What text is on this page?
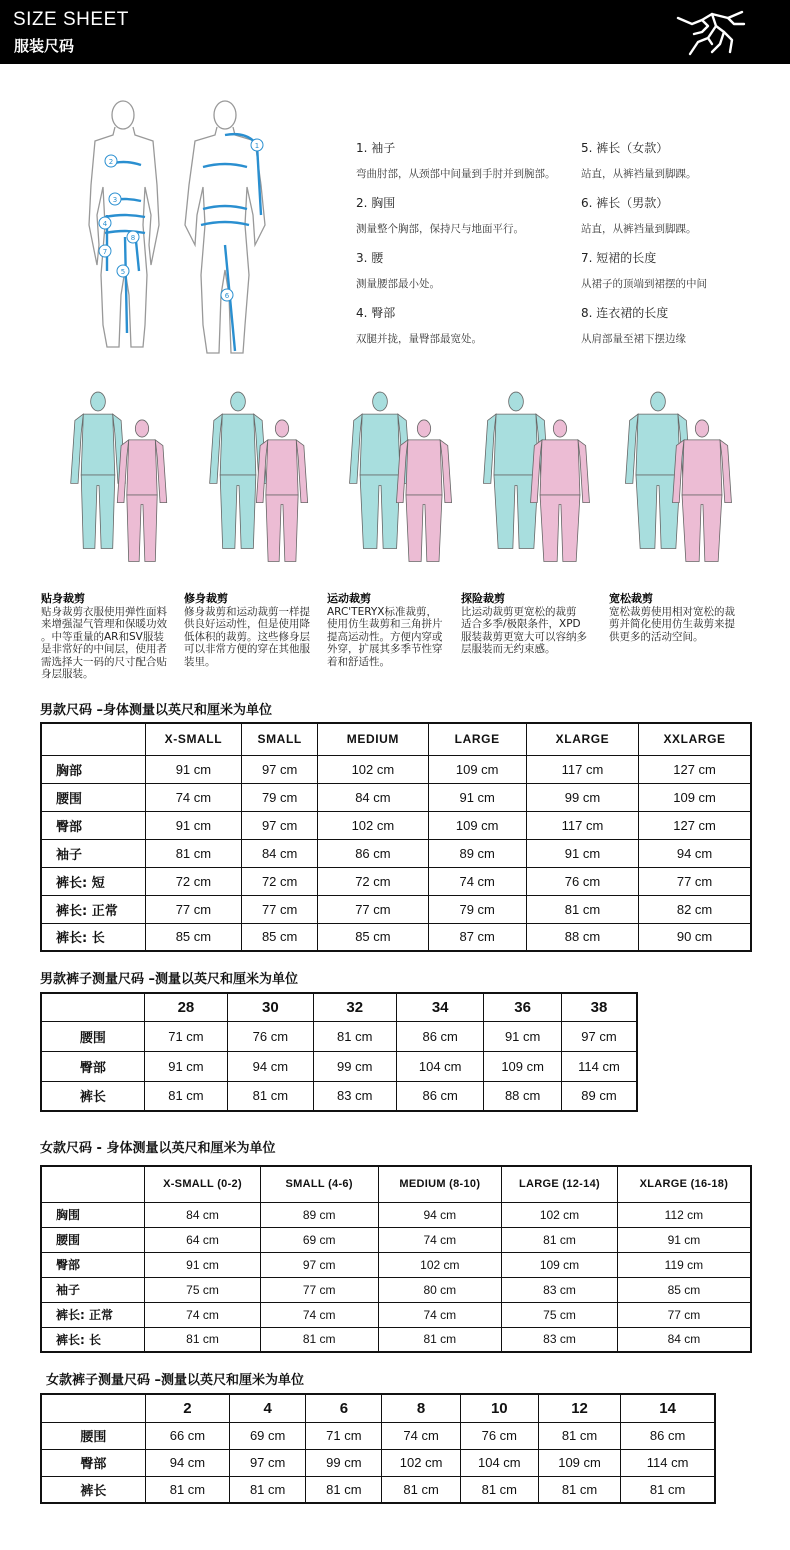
SIZE SHEET
服装尺码
1
2
3
4
5
6
7
8
1. 袖子
弯曲肘部，从颈部中间量到手肘并到腕部。
2. 胸围
测量整个胸部，保持尺与地面平行。
3. 腰
测量腰部最小处。
4. 臀部
双腿并拢，量臀部最宽处。
5. 裤长（女款）
站直，从裤裆量到脚踝。
6. 裤长（男款）
站直，从裤裆量到脚踝。
7. 短裙的长度
从裙子的顶端到裙摆的中间
8. 连衣裙的长度
从肩部量至裙下摆边缘
贴身裁剪
贴身裁剪衣服使用弹性面料
来增强湿气管理和保暖功效
。中等重量的AR和SV服装
是非常好的中间层，使用者
需选择大一码的尺寸配合贴
身层服装。
修身裁剪
修身裁剪和运动裁剪一样提
供良好运动性，但是使用降
低体积的裁剪。这些修身层
可以非常方便的穿在其他服
装里。
运动裁剪
ARC'TERYX标准裁剪，
使用仿生裁剪和三角拼片
提高运动性。方便内穿或
外穿，扩展其多季节性穿
着和舒适性。
探险裁剪
比运动裁剪更宽松的裁剪
适合多季/极限条件，XPD
服装裁剪更宽大可以容纳多
层服装而无约束感。
宽松裁剪
宽松裁剪使用相对宽松的裁
剪并简化使用仿生裁剪来提
供更多的活动空间。
男款尺码 –身体测量以英尺和厘米为单位
	X-SMALL	SMALL	MEDIUM	LARGE	XLARGE	XXLARGE
胸部	91 cm	97 cm	102 cm	109 cm	117 cm	127 cm
腰围	74 cm	79 cm	84 cm	91 cm	99 cm	109 cm
臀部	91 cm	97 cm	102 cm	109 cm	117 cm	127 cm
袖子	81 cm	84 cm	86 cm	89 cm	91 cm	94 cm
裤长: 短	72 cm	72 cm	72 cm	74 cm	76 cm	77 cm
裤长: 正常	77 cm	77 cm	77 cm	79 cm	81 cm	82 cm
裤长: 长	85 cm	85 cm	85 cm	87 cm	88 cm	90 cm
男款裤子测量尺码 –测量以英尺和厘米为单位
	28	30	32	34	36	38
腰围	71 cm	76 cm	81 cm	86 cm	91 cm	97 cm
臀部	91 cm	94 cm	99 cm	104 cm	109 cm	114 cm
裤长	81 cm	81 cm	83 cm	86 cm	88 cm	89 cm
女款尺码 - 身体测量以英尺和厘米为单位
	X-SMALL (0-2)	SMALL (4-6)	MEDIUM (8-10)	LARGE (12-14)	XLARGE (16-18)
胸围	84 cm	89 cm	94 cm	102 cm	112 cm
腰围	64 cm	69 cm	74 cm	81 cm	91 cm
臀部	91 cm	97 cm	102 cm	109 cm	119 cm
袖子	75 cm	77 cm	80 cm	83 cm	85 cm
裤长: 正常	74 cm	74 cm	74 cm	75 cm	77 cm
裤长: 长	81 cm	81 cm	81 cm	83 cm	84 cm
女款裤子测量尺码 –测量以英尺和厘米为单位
	2	4	6	8	10	12	14
腰围	66 cm	69 cm	71 cm	74 cm	76 cm	81 cm	86 cm
臀部	94 cm	97 cm	99 cm	102 cm	104 cm	109 cm	114 cm
裤长	81 cm	81 cm	81 cm	81 cm	81 cm	81 cm	81 cm
